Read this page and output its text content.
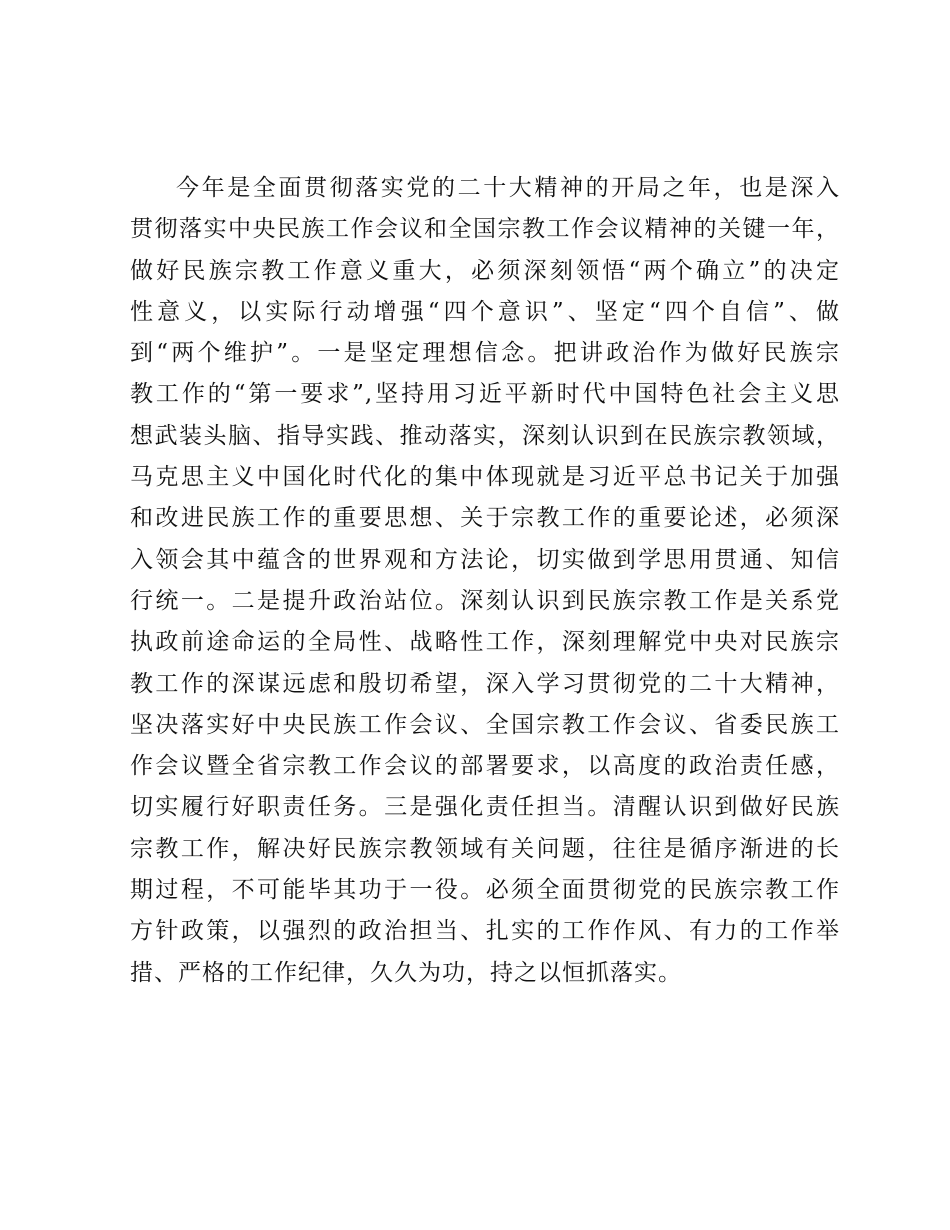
今年是全面贯彻落实党的二十大精神的开局之年，也是深入
贯彻落实中央民族工作会议和全国宗教工作会议精神的关键一年，
做好民族宗教工作意义重大，必须深刻领悟“两个确立”的决定
性意义，以实际行动增强“四个意识”、坚定“四个自信”、做
到“两个维护”。一是坚定理想信念。把讲政治作为做好民族宗
教工作的“第一要求”,坚持用习近平新时代中国特色社会主义思
想武装头脑、指导实践、推动落实，深刻认识到在民族宗教领域，
马克思主义中国化时代化的集中体现就是习近平总书记关于加强
和改进民族工作的重要思想、关于宗教工作的重要论述，必须深
入领会其中蕴含的世界观和方法论，切实做到学思用贯通、知信
行统一。二是提升政治站位。深刻认识到民族宗教工作是关系党
执政前途命运的全局性、战略性工作，深刻理解党中央对民族宗
教工作的深谋远虑和殷切希望，深入学习贯彻党的二十大精神，
坚决落实好中央民族工作会议、全国宗教工作会议、省委民族工
作会议暨全省宗教工作会议的部署要求，以高度的政治责任感，
切实履行好职责任务。三是强化责任担当。清醒认识到做好民族
宗教工作，解决好民族宗教领域有关问题，往往是循序渐进的长
期过程，不可能毕其功于一役。必须全面贯彻党的民族宗教工作
方针政策，以强烈的政治担当、扎实的工作作风、有力的工作举
措、严格的工作纪律，久久为功，持之以恒抓落实。
